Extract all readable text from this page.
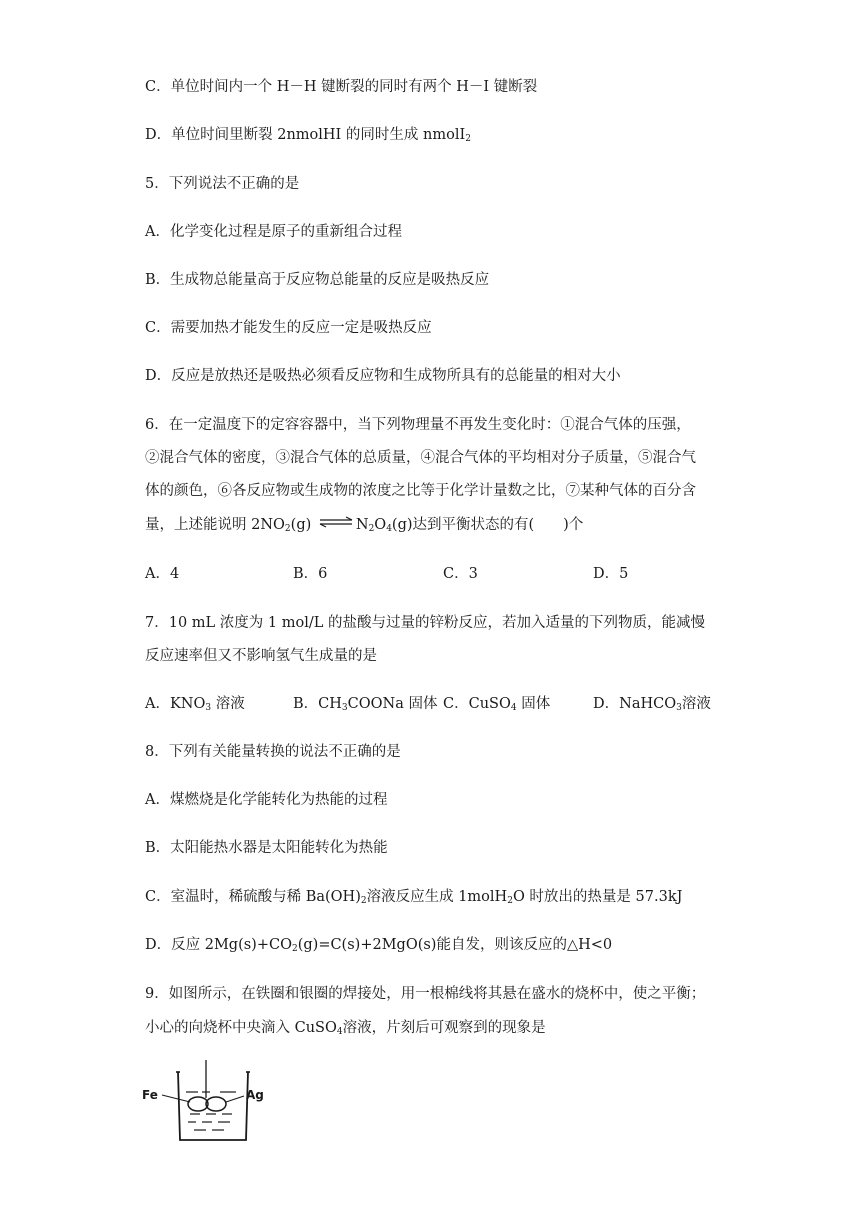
C．单位时间内一个 H－H 键断裂的同时有两个 H－I 键断裂
D．单位时间里断裂 2nmolHI 的同时生成 nmolI$_2$
5．下列说法不正确的是
A．化学变化过程是原子的重新组合过程
B．生成物总能量高于反应物总能量的反应是吸热反应
C．需要加热才能发生的反应一定是吸热反应
D．反应是放热还是吸热必须看反应物和生成物所具有的总能量的相对大小
6．在一定温度下的定容容器中，当下列物理量不再发生变化时：①混合气体的压强，
②混合气体的密度，③混合气体的总质量，④混合气体的平均相对分子质量，⑤混合气
体的颜色，⑥各反应物或生成物的浓度之比等于化学计量数之比，⑦某种气体的百分含
量，上述能说明 $2NO_2(g)$ ⇌ $N_2O_4(g)$达到平衡状态的有(　　)个
A．4	B．6	C．3	D．5
7．10 mL 浓度为 1 mol/L 的盐酸与过量的锌粉反应，若加入适量的下列物质，能减慢
反应速率但又不影响氢气生成量的是
A．$KNO_3$ 溶液	B．$CH_3COONa$ 固体 C．CuSO$_4$ 固体	D．NaHCO$_3$溶液
8．下列有关能量转换的说法不正确的是
A．煤燃烧是化学能转化为热能的过程
B．太阳能热水器是太阳能转化为热能
C．室温时，稀硫酸与稀 $Ba(OH)_2$溶液反应生成 1molH$_2$O 时放出的热量是 57.3kJ
D．反应 $2Mg(s)+CO_2(g)=C(s)+2MgO(s)$能自发，则该反应的△H<0
9．如图所示，在铁圈和银圈的焊接处，用一根棉线将其悬在盛水的烧杯中，使之平衡；
小心的向烧杯中央滴入 CuSO$_4$溶液，片刻后可观察到的现象是
Fe	Ag
